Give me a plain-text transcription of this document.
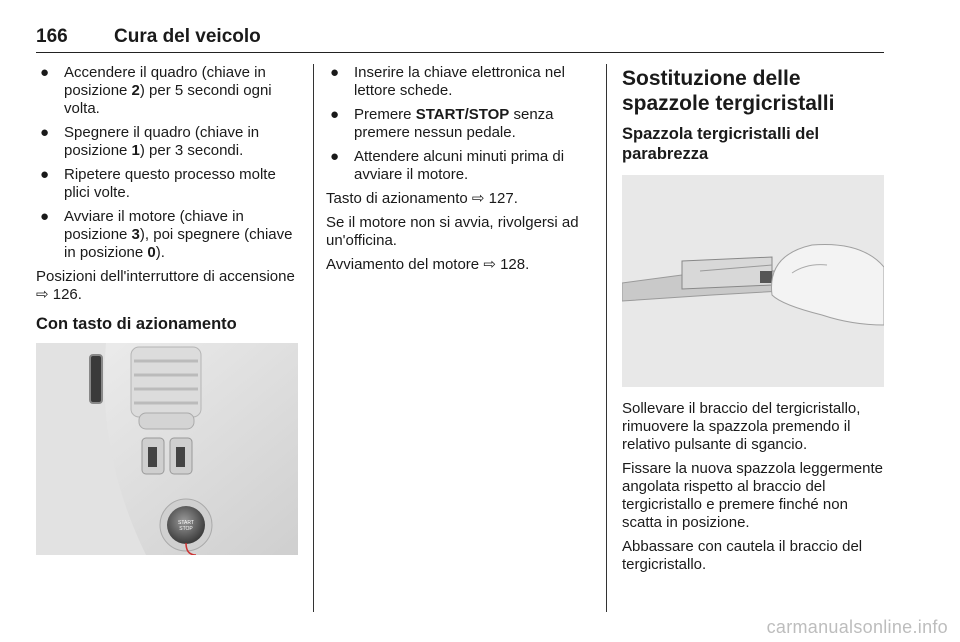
166 Cura del veicolo
● Accendere il quadro (chiave in posizione 2) per 5 secondi ogni volta.
● Spegnere il quadro (chiave in posizione 1) per 3 secondi.
● Ripetere questo processo molte plici volte.
● Avviare il motore (chiave in posizione 3), poi spegnere (chiave in posizione 0).

Posizioni dell'interruttore di accensione ⇨ 126.

Con tasto di azionamento
START
STOP
● Inserire la chiave elettronica nel lettore schede.
● Premere START/STOP senza premere nessun pedale.
● Attendere alcuni minuti prima di avviare il motore.

Tasto di azionamento ⇨ 127.

Se il motore non si avvia, rivolgersi ad un'officina.

Avviamento del motore ⇨ 128.

Sostituzione delle spazzole tergicristalli
Spazzola tergicristalli del parabrezza

Sollevare il braccio del tergicristallo, rimuovere la spazzola premendo il relativo pulsante di sgancio.

Fissare la nuova spazzola leggermente angolata rispetto al braccio del tergicristallo e premere finché non scatta in posizione.

Abbassare con cautela il braccio del tergicristallo.

carmanualsonline.info
